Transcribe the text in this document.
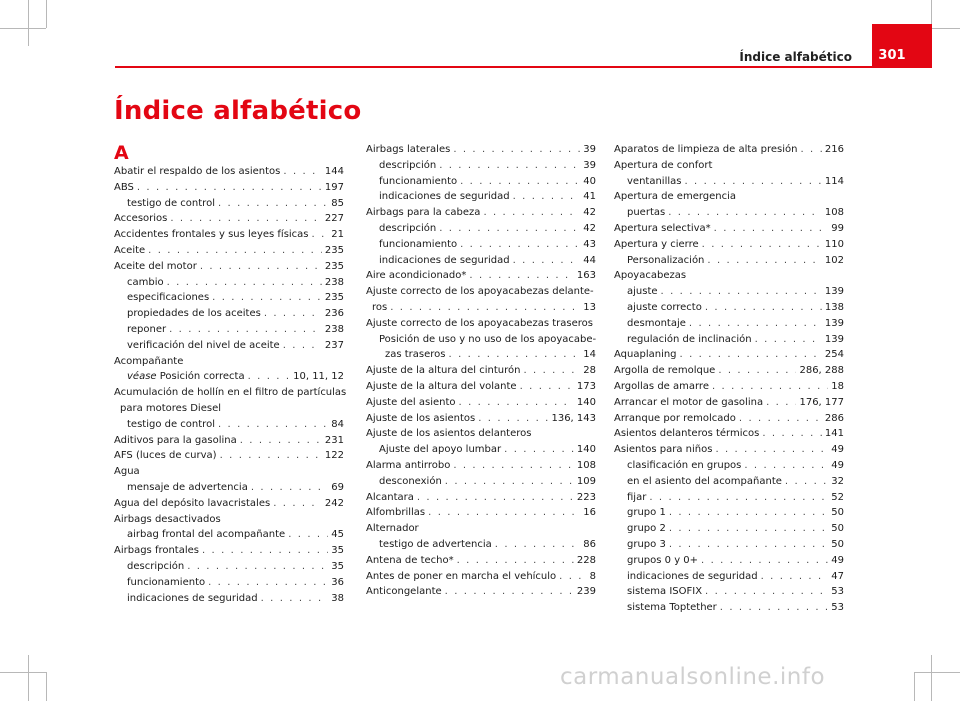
Índice alfabético	301
Índice alfabético
A
Abatir el respaldo de los asientos . . .	144
ABS . . .	197
testigo de control . . .	85
Accesorios . . .	227
Accidentes frontales y sus leyes físicas . . . 21
Aceite . . .	235
Aceite del motor . . .	235
cambio . . .	238
especificaciones . . .	235
propiedades de los aceites . . .	236
reponer . . .	238
verificación del nivel de aceite . . .	237
Acompañante
véase Posición correcta . . .	10, 11, 12
Acumulación de hollín en el filtro de partículas
para motores Diesel
testigo de control . . .	84
Aditivos para la gasolina . . .	231
AFS (luces de curva) . . .	122
Agua
mensaje de advertencia . . .	69
Agua del depósito lavacristales . . .	242
Airbags desactivados
airbag frontal del acompañante . . .	45
Airbags frontales . . .	35
descripción . . .	35
funcionamiento . . .	36
indicaciones de seguridad . . .	38
Airbags laterales . . .	39
descripción . . .	39
funcionamiento . . .	40
indicaciones de seguridad . . .	41
Airbags para la cabeza . . .	42
descripción . . .	42
funcionamiento . . .	43
indicaciones de seguridad . . .	44
Aire acondicionado* . . .	163
Ajuste correcto de los apoyacabezas delante-
ros . . .	13
Ajuste correcto de los apoyacabezas traseros
Posición de uso y no uso de los apoyacabe-
zas traseros . . .	14
Ajuste de la altura del cinturón . . .	28
Ajuste de la altura del volante . . .	173
Ajuste del asiento . . .	140
Ajuste de los asientos . . .	136, 143
Ajuste de los asientos delanteros
Ajuste del apoyo lumbar . . .	140
Alarma antirrobo . . .	108
desconexión . . .	109
Alcantara . . .	223
Alfombrillas . . .	16
Alternador
testigo de advertencia . . .	86
Antena de techo* . . .	228
Antes de poner en marcha el vehículo . . .	8
Anticongelante . . .	239
Aparatos de limpieza de alta presión . . .	216
Apertura de confort
ventanillas . . .	114
Apertura de emergencia
puertas . . .	108
Apertura selectiva* . . .	99
Apertura y cierre . . .	110
Personalización . . .	102
Apoyacabezas
ajuste . . .	139
ajuste correcto . . .	138
desmontaje . . .	139
regulación de inclinación . . .	139
Aquaplaning . . .	254
Argolla de remolque . . .	286, 288
Argollas de amarre . . .	18
Arrancar el motor de gasolina . . .	176, 177
Arranque por remolcado . . .	286
Asientos delanteros térmicos . . .	141
Asientos para niños . . .	49
clasificación en grupos . . .	49
en el asiento del acompañante . . .	32
fijar . . .	52
grupo 1 . . .	50
grupo 2 . . .	50
grupo 3 . . .	50
grupos 0 y 0+ . . .	49
indicaciones de seguridad . . .	47
sistema ISOFIX . . .	53
sistema Toptether . . .	53
carmanualsonline.info
